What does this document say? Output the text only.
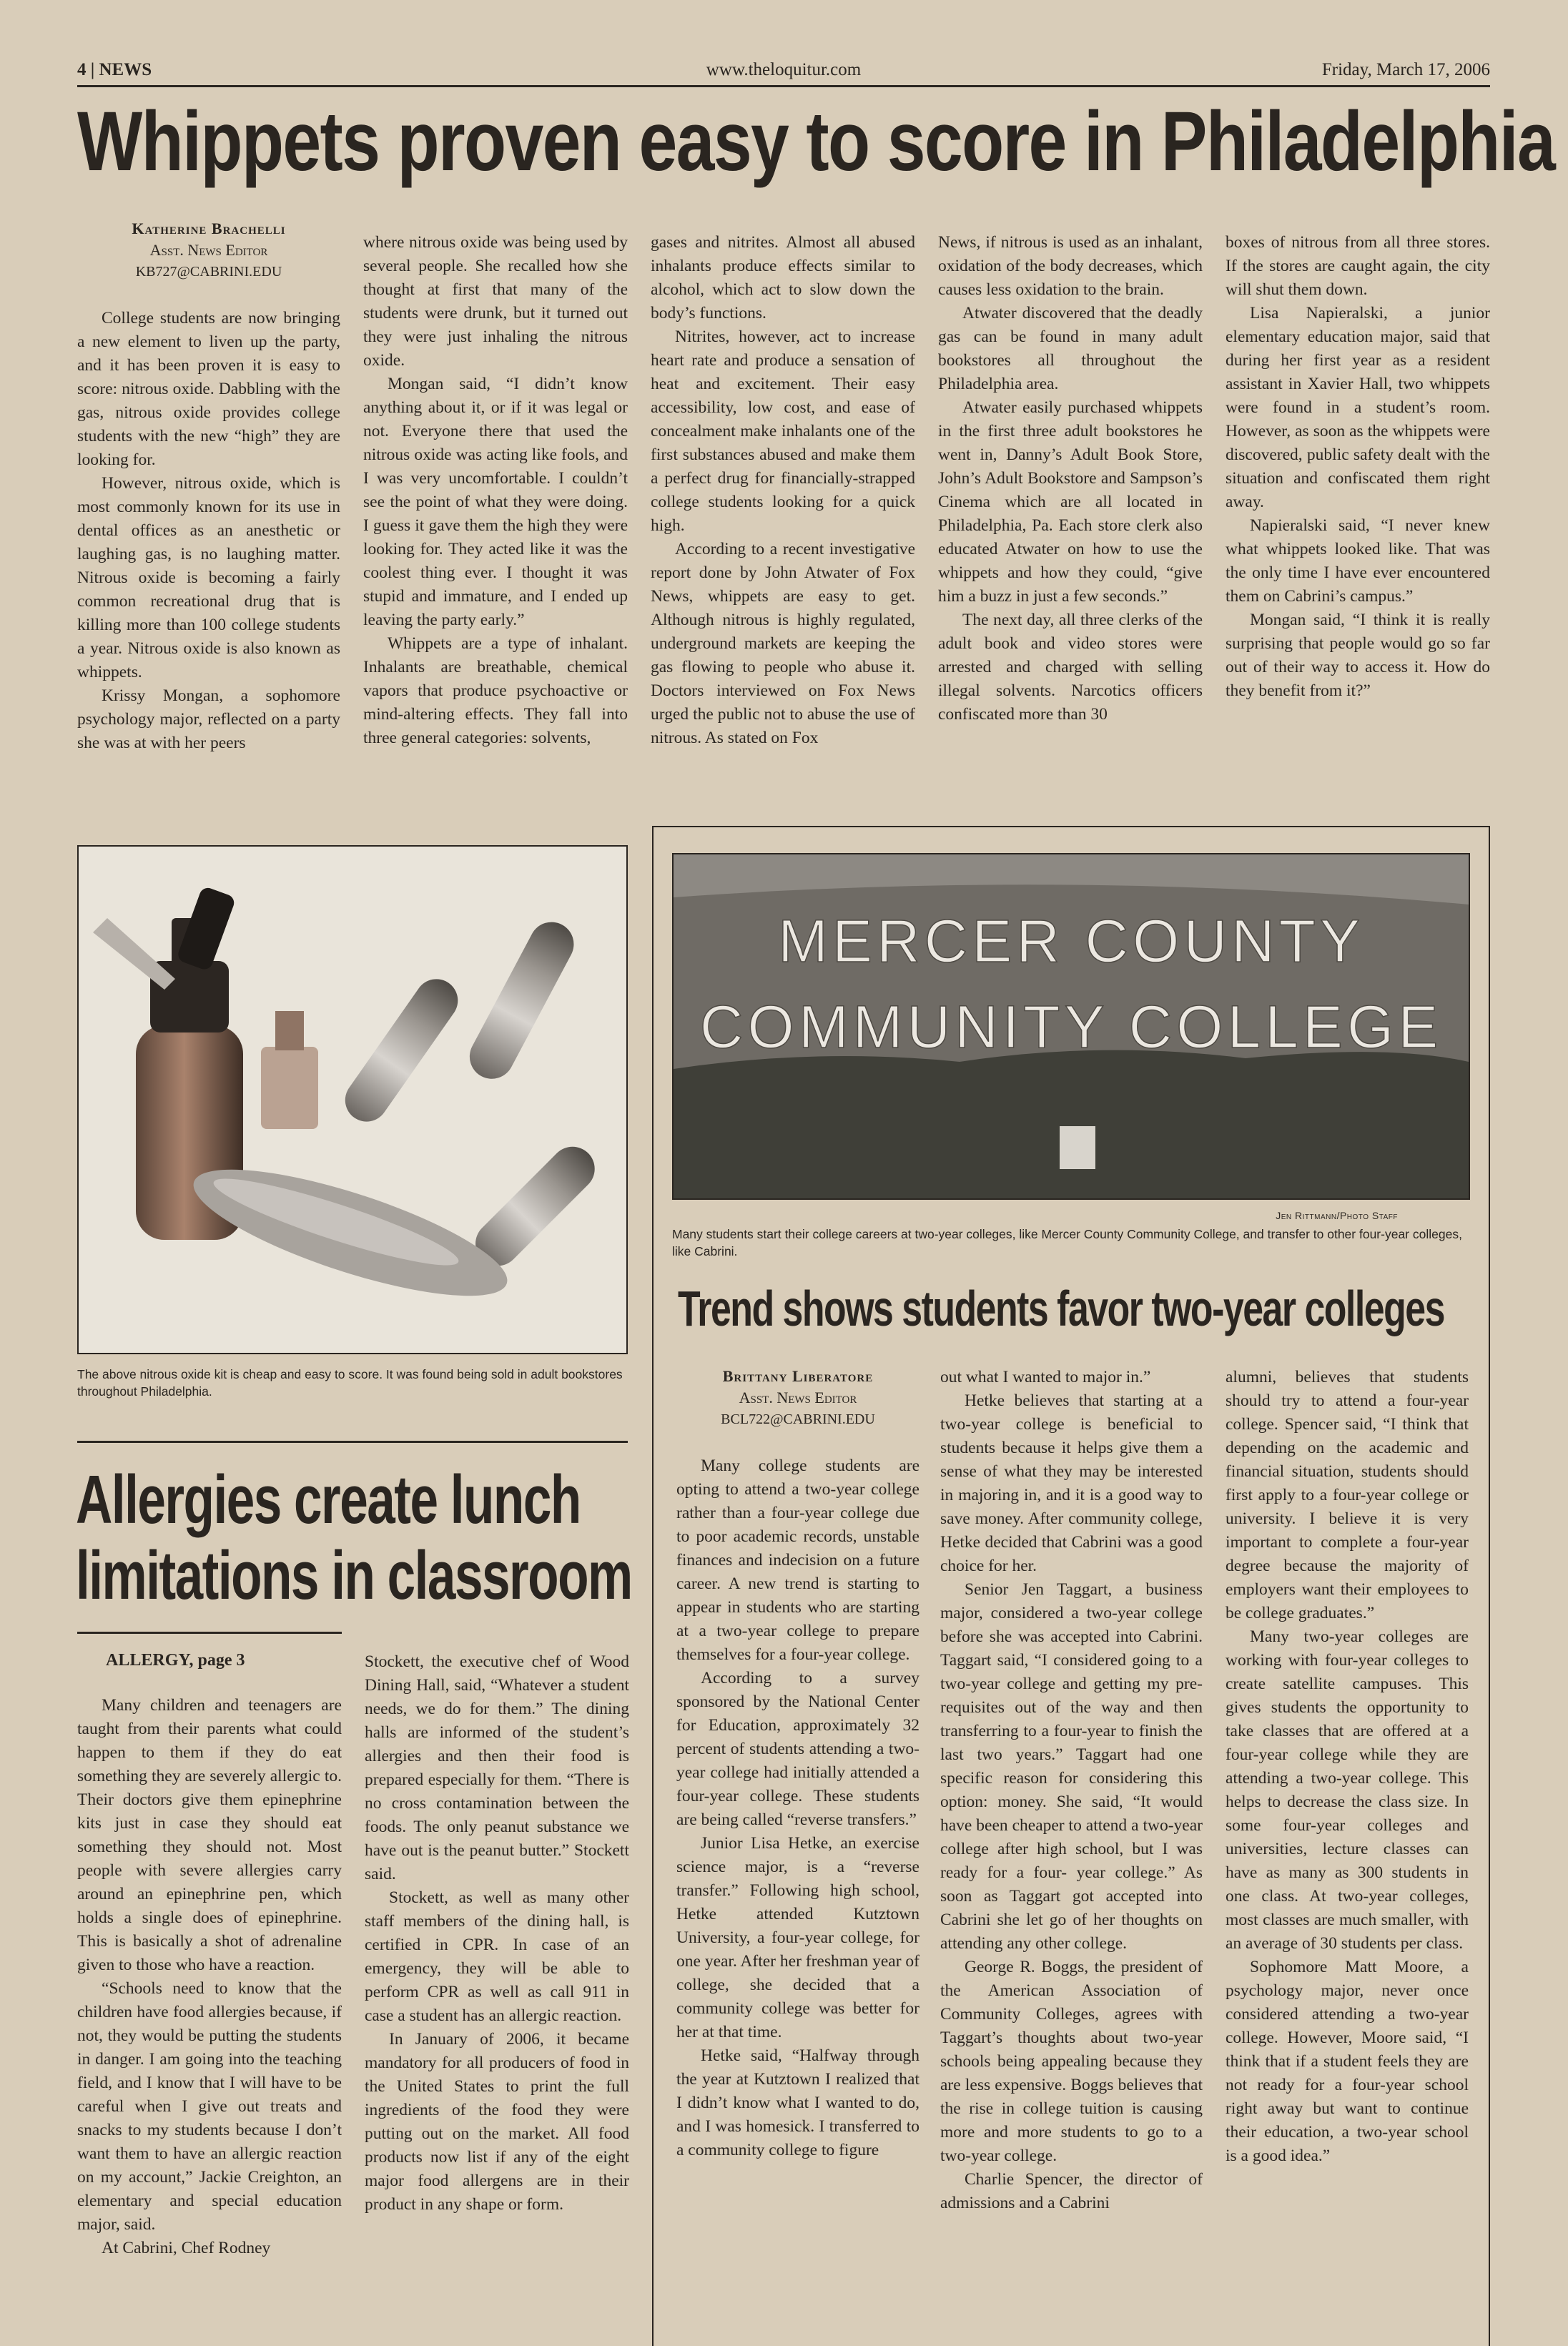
4 | NEWS	www.theloquitur.com	Friday, March 17, 2006
Whippets proven easy to score in Philadelphia
Katherine Brachelli
Asst. News Editor
KB727@CABRINI.EDU

College students are now bringing a new element to liven up the party, and it has been proven it is easy to score: nitrous oxide. Dabbling with the gas, nitrous oxide provides college students with the new “high” they are looking for.

However, nitrous oxide, which is most commonly known for its use in dental offices as an anesthetic or laughing gas, is no laughing matter. Nitrous oxide is becoming a fairly common recreational drug that is killing more than 100 college students a year. Nitrous oxide is also known as whippets.

Krissy Mongan, a sophomore psychology major, reflected on a party she was at with her peers

where nitrous oxide was being used by several people. She recalled how she thought at first that many of the students were drunk, but it turned out they were just inhaling the nitrous oxide.

Mongan said, “I didn’t know anything about it, or if it was legal or not. Everyone there that used the nitrous oxide was acting like fools, and I was very uncomfortable. I couldn’t see the point of what they were doing. I guess it gave them the high they were looking for. They acted like it was the coolest thing ever. I thought it was stupid and immature, and I ended up leaving the party early.”

Whippets are a type of inhalant. Inhalants are breathable, chemical vapors that produce psychoactive or mind-altering effects. They fall into three general categories: solvents,

gases and nitrites. Almost all abused inhalants produce effects similar to alcohol, which act to slow down the body’s functions.

Nitrites, however, act to increase heart rate and produce a sensation of heat and excitement. Their easy accessibility, low cost, and ease of concealment make inhalants one of the first substances abused and make them a perfect drug for financially-strapped college students looking for a quick high.

According to a recent investigative report done by John Atwater of Fox News, whippets are easy to get. Although nitrous is highly regulated, underground markets are keeping the gas flowing to people who abuse it. Doctors interviewed on Fox News urged the public not to abuse the use of nitrous. As stated on Fox

News, if nitrous is used as an inhalant, oxidation of the body decreases, which causes less oxidation to the brain.

Atwater discovered that the deadly gas can be found in many adult bookstores all throughout the Philadelphia area.

Atwater easily purchased whippets in the first three adult bookstores he went in, Danny’s Adult Book Store, John’s Adult Bookstore and Sampson’s Cinema which are all located in Philadelphia, Pa. Each store clerk also educated Atwater on how to use the whippets and how they could, “give him a buzz in just a few seconds.”

The next day, all three clerks of the adult book and video stores were arrested and charged with selling illegal solvents. Narcotics officers confiscated more than 30

boxes of nitrous from all three stores. If the stores are caught again, the city will shut them down.

Lisa Napieralski, a junior elementary education major, said that during her first year as a resident assistant in Xavier Hall, two whippets were found in a student’s room. However, as soon as the whippets were discovered, public safety dealt with the situation and confiscated them right away.

Napieralski said, “I never knew what whippets looked like. That was the only time I have ever encountered them on Cabrini’s campus.”

Mongan said, “I think it is really surprising that people would go so far out of their way to access it. How do they benefit from it?”

The above nitrous oxide kit is cheap and easy to score. It was found being sold in adult bookstores throughout Philadelphia.
Allergies create lunch
limitations in classroom
ALLERGY, page 3

Many children and teenagers are taught from their parents what could happen to them if they do eat something they are severely allergic to. Their doctors give them epinephrine kits just in case they should eat something they should not. Most people with severe allergies carry around an epinephrine pen, which holds a single does of epinephrine. This is basically a shot of adrenaline given to those who have a reaction.

“Schools need to know that the children have food allergies because, if not, they would be putting the students in danger. I am going into the teaching field, and I know that I will have to be careful when I give out treats and snacks to my students because I don’t want them to have an allergic reaction on my account,” Jackie Creighton, an elementary and special education major, said.

At Cabrini, Chef Rodney

Stockett, the executive chef of Wood Dining Hall, said, “Whatever a student needs, we do for them.” The dining halls are informed of the student’s allergies and then their food is prepared especially for them. “There is no cross contamination between the foods. The only peanut substance we have out is the peanut butter.” Stockett said.

Stockett, as well as many other staff members of the dining hall, is certified in CPR. In case of an emergency, they will be able to perform CPR as well as call 911 in case a student has an allergic reaction.

In January of 2006, it became mandatory for all producers of food in the United States to print the full ingredients of the food they were putting out on the market. All food products now list if any of the eight major food allergens are in their product in any shape or form.

MERCER COUNTY
COMMUNITY COLLEGE
Jen Rittmann/Photo Staff
Many students start their college careers at two-year colleges, like Mercer County Community College, and transfer to other four-year colleges, like Cabrini.
Trend shows students favor two-year colleges
Brittany Liberatore
Asst. News Editor
BCL722@CABRINI.EDU

Many college students are opting to attend a two-year college rather than a four-year college due to poor academic records, unstable finances and indecision on a future career. A new trend is starting to appear in students who are starting at a two-year college to prepare themselves for a four-year college.

According to a survey sponsored by the National Center for Education, approximately 32 percent of students attending a two-year college had initially attended a four-year college. These students are being called “reverse transfers.”

Junior Lisa Hetke, an exercise science major, is a “reverse transfer.” Following high school, Hetke attended Kutztown University, a four-year college, for one year. After her freshman year of college, she decided that a community college was better for her at that time.

Hetke said, “Halfway through the year at Kutztown I realized that I didn’t know what I wanted to do, and I was homesick. I transferred to a community college to figure

out what I wanted to major in.”

Hetke believes that starting at a two-year college is beneficial to students because it helps give them a sense of what they may be interested in majoring in, and it is a good way to save money. After community college, Hetke decided that Cabrini was a good choice for her.

Senior Jen Taggart, a business major, considered a two-year college before she was accepted into Cabrini. Taggart said, “I considered going to a two-year college and getting my pre-requisites out of the way and then transferring to a four-year to finish the last two years.” Taggart had one specific reason for considering this option: money. She said, “It would have been cheaper to attend a two-year college after high school, but I was ready for a four- year college.” As soon as Taggart got accepted into Cabrini she let go of her thoughts on attending any other college.

George R. Boggs, the president of the American Association of Community Colleges, agrees with Taggart’s thoughts about two-year schools being appealing because they are less expensive. Boggs believes that the rise in college tuition is causing more and more students to go to a two-year college.

Charlie Spencer, the director of admissions and a Cabrini

alumni, believes that students should try to attend a four-year college. Spencer said, “I think that depending on the academic and financial situation, students should first apply to a four-year college or university. I believe it is very important to complete a four-year degree because the majority of employers want their employees to be college graduates.”

Many two-year colleges are working with four-year colleges to create satellite campuses. This gives students the opportunity to take classes that are offered at a four-year college while they are attending a two-year college. This helps to decrease the class size. In some four-year colleges and universities, lecture classes can have as many as 300 students in one class. At two-year colleges, most classes are much smaller, with an average of 30 students per class.

Sophomore Matt Moore, a psychology major, never once considered attending a two-year college. However, Moore said, “I think that if a student feels they are not ready for a four-year school right away but want to continue their education, a two-year school is a good idea.”
